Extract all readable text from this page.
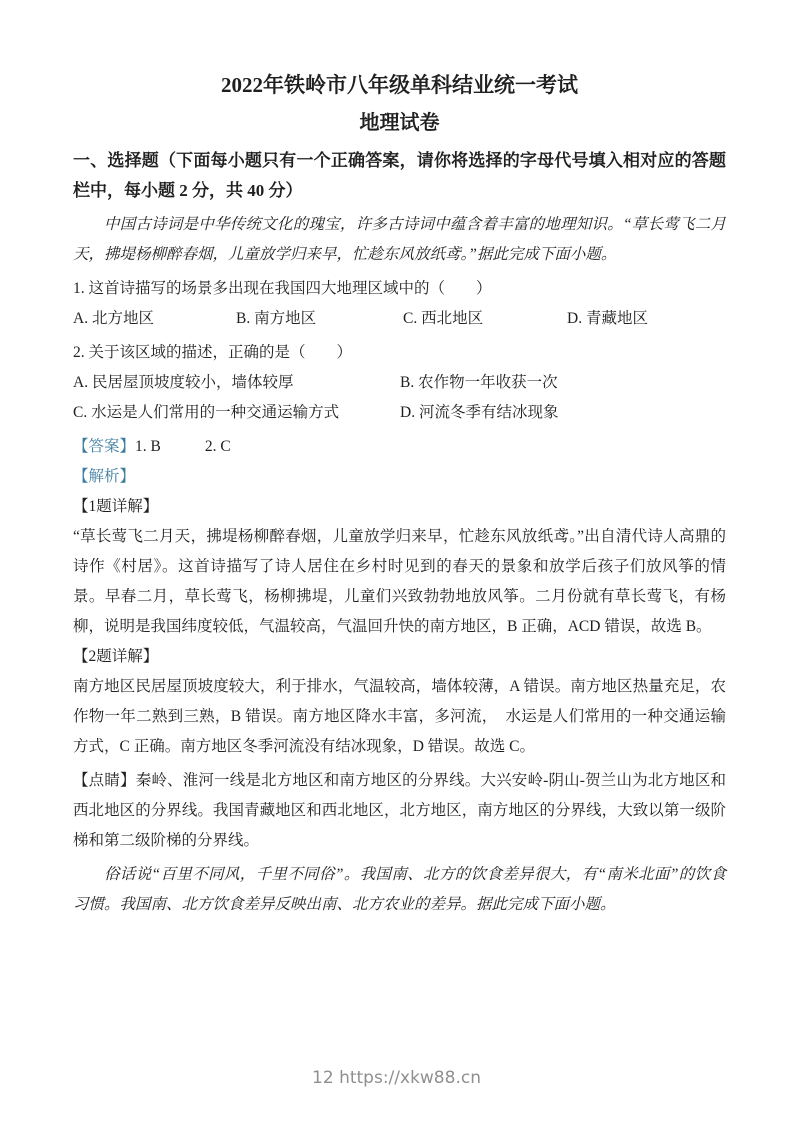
2022年铁岭市八年级单科结业统一考试
地理试卷

一、选择题（下面每小题只有一个正确答案，请你将选择的字母代号填入相对应的答题栏中，每小题 2 分，共 40 分）

中国古诗词是中华传统文化的瑰宝，许多古诗词中蕴含着丰富的地理知识。“草长莺飞二月天，拂堤杨柳醉春烟，儿童放学归来早，忙趁东风放纸鸢。”据此完成下面小题。

1. 这首诗描写的场景多出现在我国四大地理区域中的（　　）

A. 北方地区	B. 南方地区	C. 西北地区	D. 青藏地区

2. 关于该区域的描述，正确的是（　　）

A. 民居屋顶坡度较小，墙体较厚	B. 农作物一年收获一次
C. 水运是人们常用的一种交通运输方式	D. 河流冬季有结冰现象
【答案】1. B	2. C

【解析】

【1题详解】

“草长莺飞二月天，拂堤杨柳醉春烟，儿童放学归来早，忙趁东风放纸鸢。”出自清代诗人高鼎的诗作《村居》。这首诗描写了诗人居住在乡村时见到的春天的景象和放学后孩子们放风筝的情景。早春二月，草长莺飞，杨柳拂堤，儿童们兴致勃勃地放风筝。二月份就有草长莺飞，有杨柳，说明是我国纬度较低，气温较高，气温回升快的南方地区，B 正确，ACD 错误，故选 B。

【2题详解】

南方地区民居屋顶坡度较大，利于排水，气温较高，墙体较薄，A 错误。南方地区热量充足，农作物一年二熟到三熟，B 错误。南方地区降水丰富，多河流，　水运是人们常用的一种交通运输方式，C 正确。南方地区冬季河流没有结冰现象，D 错误。故选 C。

【点睛】秦岭、淮河一线是北方地区和南方地区的分界线。大兴安岭-阴山-贺兰山为北方地区和西北地区的分界线。我国青藏地区和西北地区，北方地区，南方地区的分界线，大致以第一级阶梯和第二级阶梯的分界线。

俗话说“百里不同风，千里不同俗”。我国南、北方的饮食差异很大，有“南米北面”的饮食习惯。我国南、北方饮食差异反映出南、北方农业的差异。据此完成下面小题。

12 https://xkw88.cn
